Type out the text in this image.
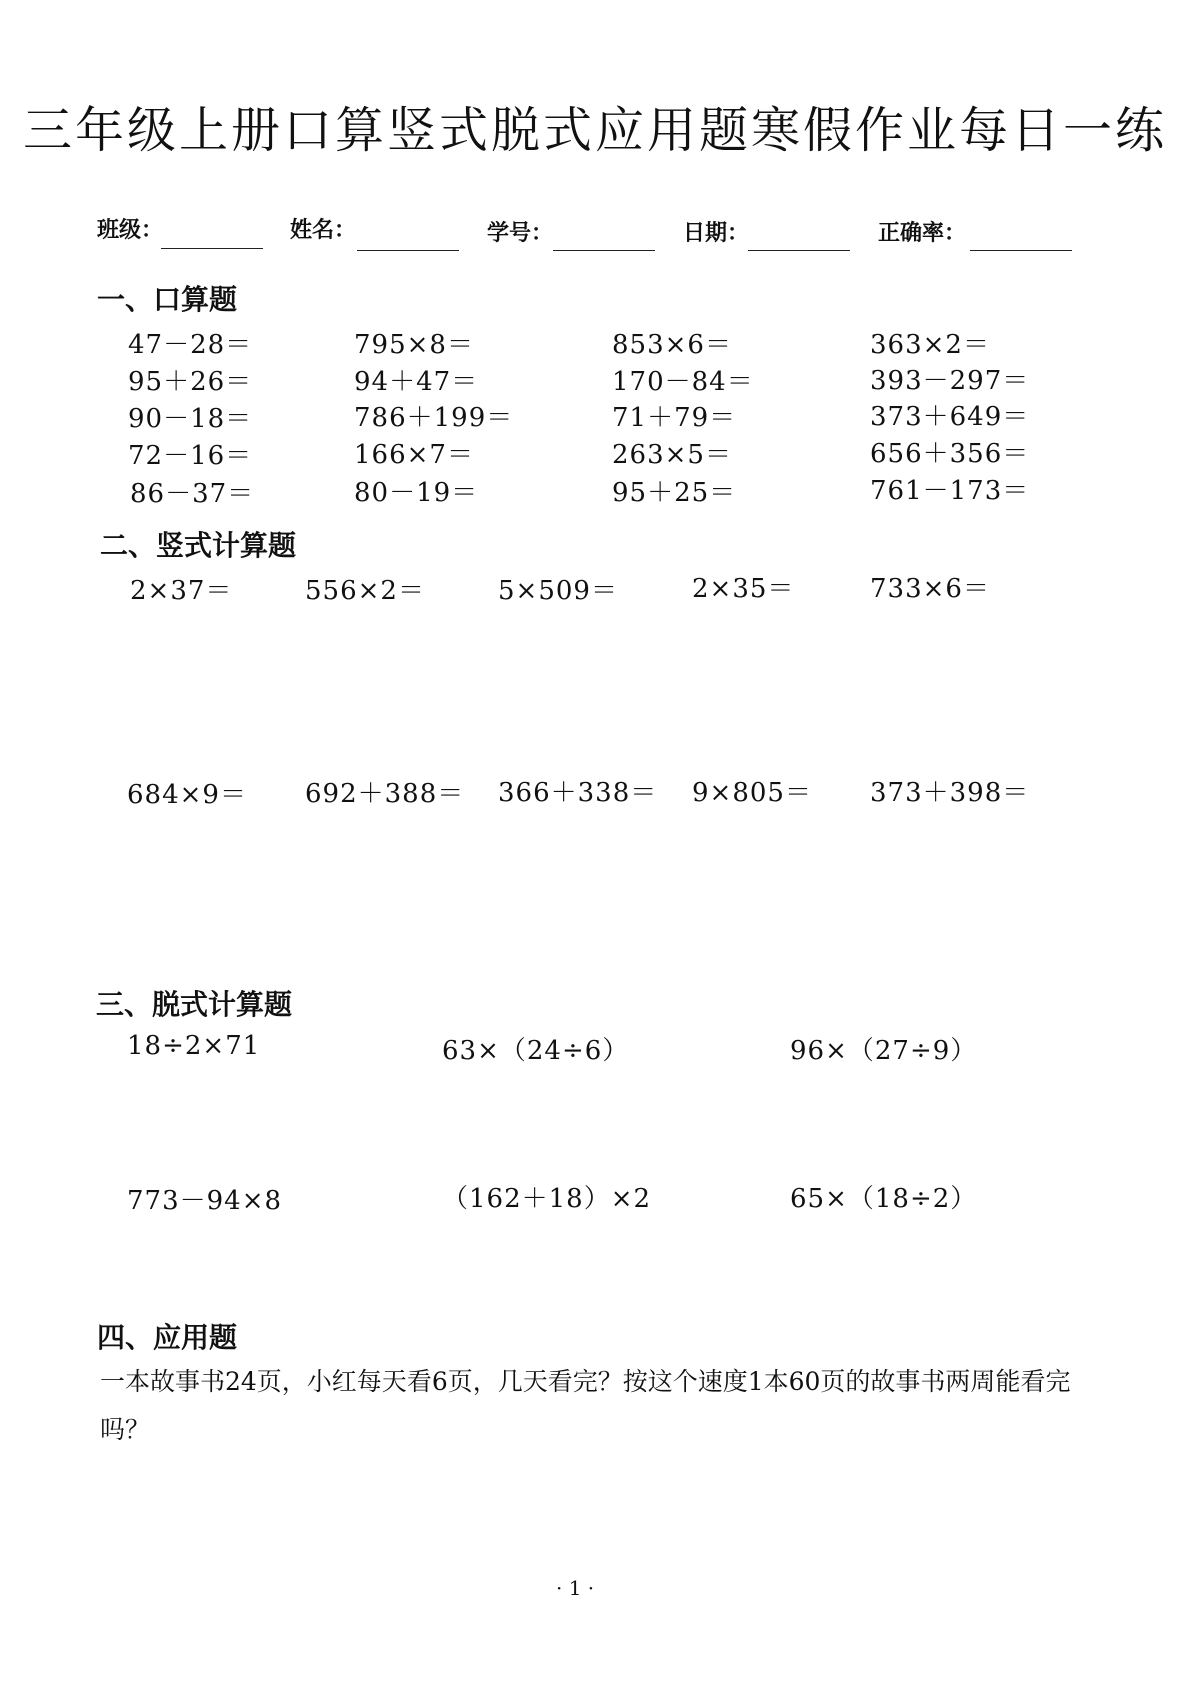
三年级上册口算竖式脱式应用题寒假作业每日一练
班级：	姓名：	学号：	日期：	正确率：
一、口算题
47－28＝	795×8＝	853×6＝	363×2＝
95＋26＝	94＋47＝	170－84＝	393－297＝
90－18＝	786＋199＝	71＋79＝	373＋649＝
72－16＝	166×7＝	263×5＝	656＋356＝
86－37＝	80－19＝	95＋25＝	761－173＝
二、竖式计算题
2×37＝	556×2＝	5×509＝	2×35＝	733×6＝
684×9＝ 692＋388＝ 366＋338＝ 9×805＝ 373＋398＝
三、脱式计算题
18÷2×71	63×（24÷6）	96×（27÷9）
773－94×8	（162＋18）×2	65×（18÷2）
四、应用题
一本故事书24页，小红每天看6页，几天看完？按这个速度1本60页的故事书两周能看完吗？
· 1 ·
